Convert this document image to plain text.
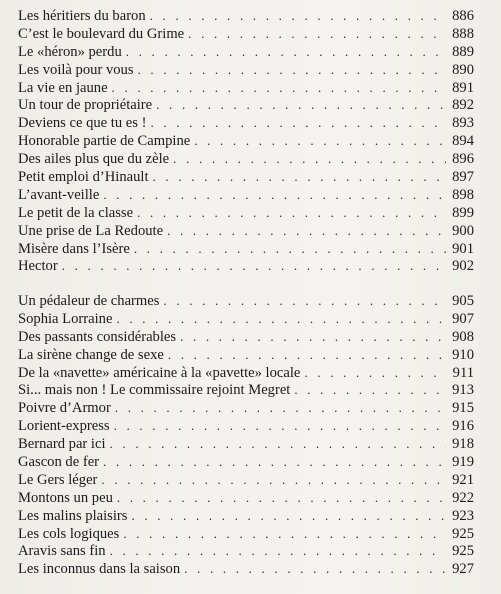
Les héritiers du baron . . .	886
C’est le boulevard du Grime . . .	888
Le «héron» perdu . . .	889
Les voilà pour vous . . .	890
La vie en jaune . . .	891
Un tour de propriétaire . . .	892
Deviens ce que tu es ! . . .	893
Honorable partie de Campine . . .	894
Des ailes plus que du zèle . . .	896
Petit emploi d’Hinault . . .	897
L’avant-veille . . .	898
Le petit de la classe . . .	899
Une prise de La Redoute . . .	900
Misère dans l’Isère . . .	901
Hector . . .	902
Un pédaleur de charmes . . .	905
Sophia Lorraine . . .	907
Des passants considérables . . .	908
La sirène change de sexe . . .	910
De la «navette» américaine à la «pavette» locale . . .	911
Si... mais non ! Le commissaire rejoint Megret . . .	913
Poivre d’Armor . . .	915
Lorient-express . . .	916
Bernard par ici . . .	918
Gascon de fer . . .	919
Le Gers léger . . .	921
Montons un peu . . .	922
Les malins plaisirs . . .	923
Les cols logiques . . .	925
Aravis sans fin . . .	925
Les inconnus dans la saison . . .	927
